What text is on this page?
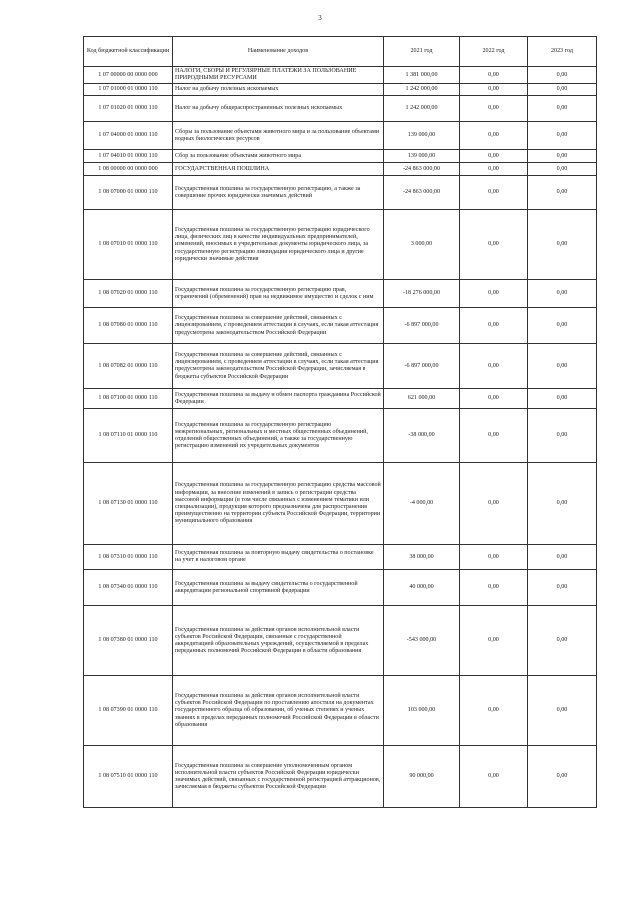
3
Код бюджетной классификации	Наименование доходов	2021 год	2022 год	2023 год
1 07 00000 00 0000 000	НАЛОГИ, СБОРЫ И РЕГУЛЯРНЫЕ ПЛАТЕЖИ ЗА ПОЛЬЗОВАНИЕ ПРИРОДНЫМИ РЕСУРСАМИ	1 381 000,00	0,00	0,00
1 07 01000 01 0000 110	Налог на добычу полезных ископаемых	1 242 000,00	0,00	0,00
1 07 01020 01 0000 110	Налог на добычу общераспространенных полезных ископаемых	1 242 000,00	0,00	0,00
1 07 04000 01 0000 110	Сборы за пользование объектами животного мира и за пользование объектами водных биологических ресурсов	139 000,00	0,00	0,00
1 07 04010 01 0000 110	Сбор за пользование объектами животного мира	139 000,00	0,00	0,00
1 08 00000 00 0000 000	ГОСУДАРСТВЕННАЯ ПОШЛИНА	-24 863 000,00	0,00	0,00
1 08 07000 01 0000 110	Государственная пошлина за государственную регистрацию, а также за совершение прочих юридически значимых действий	-24 863 000,00	0,00	0,00
1 08 07010 01 0000 110	Государственная пошлина за государственную регистрацию юридического лица, физических лиц в качестве индивидуальных предпринимателей, изменений, вносимых в учредительные документы юридического лица, за государственную регистрацию ликвидации юридического лица и другие юридически значимые действия	3 000,00	0,00	0,00
1 08 07020 01 0000 110	Государственная пошлина за государственную регистрацию прав, ограничений (обременений) прав на недвижимое имущество и сделок с ним	-18 276 000,00	0,00	0,00
1 08 07080 01 0000 110	Государственная пошлина за совершение действий, связанных с лицензированием, с проведением аттестации в случаях, если такая аттестация предусмотрена законодательством Российской Федерации	-6 897 000,00	0,00	0,00
1 08 07082 01 0000 110	Государственная пошлина за совершение действий, связанных с лицензированием, с проведением аттестации в случаях, если такая аттестация предусмотрена законодательством Российской Федерации, зачисляемая в бюджеты субъектов Российской Федерации	-6 897 000,00	0,00	0,00
1 08 07100 01 0000 110	Государственная пошлина за выдачу и обмен паспорта гражданина Российской Федерации	621 000,00	0,00	0,00
1 08 07110 01 0000 110	Государственная пошлина за государственную регистрацию межрегиональных, региональных и местных общественных объединений, отделений общественных объединений, а также за государственную регистрацию изменений их учредительных документов	-38 000,00	0,00	0,00
1 08 07130 01 0000 110	Государственная пошлина за государственную регистрацию средства массовой информации, за внесение изменений в запись о регистрации средства массовой информации (в том числе связанных с изменением тематики или специализации), продукция которого предназначена для распространения преимущественно на территории субъекта Российской Федерации, территории муниципального образования	-4 000,00	0,00	0,00
1 08 07310 01 0000 110	Государственная пошлина за повторную выдачу свидетельства о постановке на учет в налоговом органе	38 000,00	0,00	0,00
1 08 07340 01 0000 110	Государственная пошлина за выдачу свидетельства о государственной аккредитации региональной спортивной федерации	40 000,00	0,00	0,00
1 08 07380 01 0000 110	Государственная пошлина за действия органов исполнительной власти субъектов Российской Федерации, связанные с государственной аккредитацией образовательных учреждений, осуществляемой в пределах переданных полномочий Российской Федерации в области образования	-543 000,00	0,00	0,00
1 08 07390 01 0000 110	Государственная пошлина за действия органов исполнительной власти субъектов Российской Федерации по проставлению апостиля на документах государственного образца об образовании, об ученых степенях и ученых званиях в пределах переданных полномочий Российской Федерации в области образования	103 000,00	0,00	0,00
1 08 07510 01 0000 110	Государственная пошлина за совершение уполномоченным органом исполнительной власти субъектов Российской Федерации юридически значимых действий, связанных с государственной регистрацией аттракционов, зачисляемая в бюджеты субъектов Российской Федерации	90 000,00	0,00	0,00
